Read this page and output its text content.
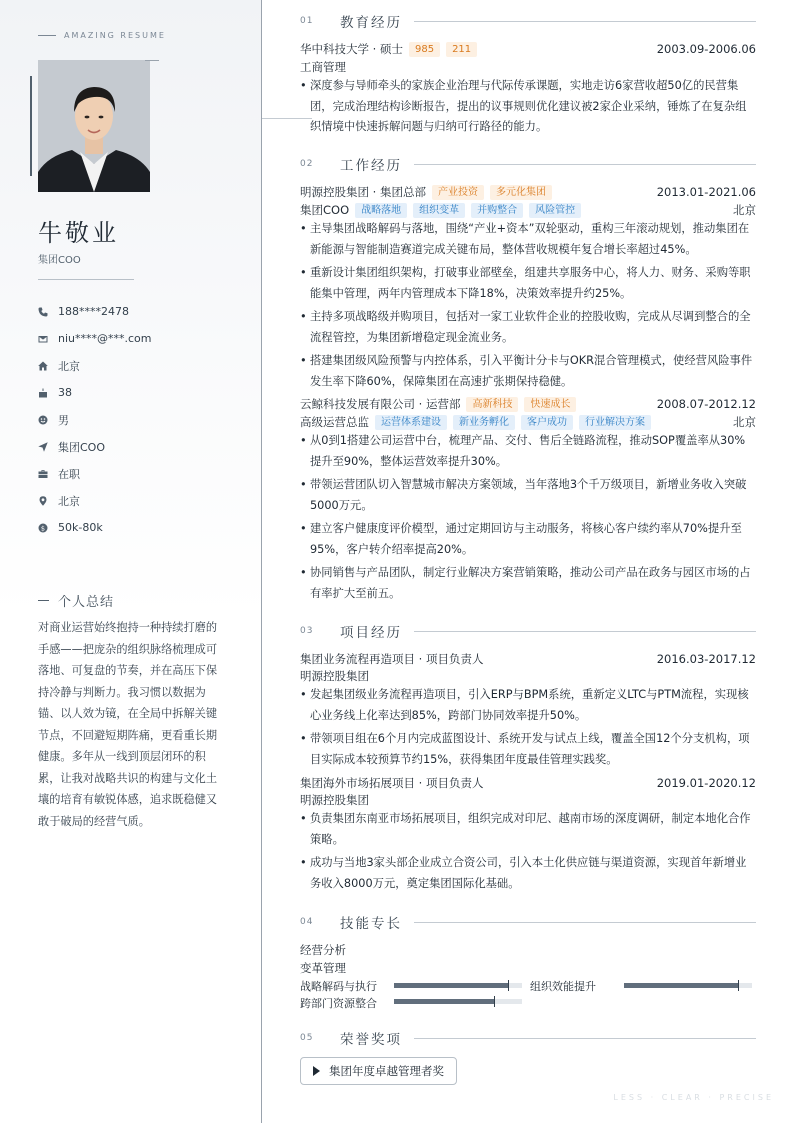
AMAZING RESUME
牛敬业
集团COO
188****2478
niu****@***.com
北京
38
男
集团COO
在职
北京
$ 50k-80k
个人总结

对商业运营始终抱持一种持续打磨的手感——把庞杂的组织脉络梳理成可落地、可复盘的节奏，并在高压下保持冷静与判断力。我习惯以数据为锚、以人效为镜，在全局中拆解关键节点，不回避短期阵痛，更看重长期健康。多年从一线到顶层闭环的积累，让我对战略共识的构建与文化土壤的培育有敏锐体感，追求既稳健又敢于破局的经营气质。

01	教育经历
华中科技大学 · 硕士	985	211	2003.09-2006.06
工商管理
• 深度参与导师牵头的家族企业治理与代际传承课题，实地走访6家营收超50亿的民营集团，完成治理结构诊断报告，提出的议事规则优化建议被2家企业采纳，锤炼了在复杂组织情境中快速拆解问题与归纳可行路径的能力。
02	工作经历
明源控股集团 · 集团总部	产业投资	多元化集团	2013.01-2021.06
集团COO	战略落地	组织变革	并购整合	风险管控	北京
• 主导集团战略解码与落地，围绕“产业+资本”双轮驱动，重构三年滚动规划，推动集团在新能源与智能制造赛道完成关键布局，整体营收规模年复合增长率超过45%。
• 重新设计集团组织架构，打破事业部壁垒，组建共享服务中心，将人力、财务、采购等职能集中管理，两年内管理成本下降18%，决策效率提升约25%。
• 主持多项战略级并购项目，包括对一家工业软件企业的控股收购，完成从尽调到整合的全流程管控，为集团新增稳定现金流业务。
• 搭建集团级风险预警与内控体系，引入平衡计分卡与OKR混合管理模式，使经营风险事件发生率下降60%，保障集团在高速扩张期保持稳健。
云鲸科技发展有限公司 · 运营部	高新科技	快速成长	2008.07-2012.12
高级运营总监	运营体系建设	新业务孵化	客户成功	行业解决方案	北京
• 从0到1搭建公司运营中台，梳理产品、交付、售后全链路流程，推动SOP覆盖率从30%提升至90%，整体运营效率提升30%。
• 带领运营团队切入智慧城市解决方案领域，当年落地3个千万级项目，新增业务收入突破5000万元。
• 建立客户健康度评价模型，通过定期回访与主动服务，将核心客户续约率从70%提升至95%，客户转介绍率提高20%。
• 协同销售与产品团队，制定行业解决方案营销策略，推动公司产品在政务与园区市场的占有率扩大至前五。
03	项目经历
集团业务流程再造项目 · 项目负责人	2016.03-2017.12
明源控股集团
• 发起集团级业务流程再造项目，引入ERP与BPM系统，重新定义LTC与PTM流程，实现核心业务线上化率达到85%，跨部门协同效率提升50%。
• 带领项目组在6个月内完成蓝图设计、系统开发与试点上线，覆盖全国12个分支机构，项目实际成本较预算节约15%，获得集团年度最佳管理实践奖。
集团海外市场拓展项目 · 项目负责人	2019.01-2020.12
明源控股集团
• 负责集团东南亚市场拓展项目，组织完成对印尼、越南市场的深度调研，制定本地化合作策略。
• 成功与当地3家头部企业成立合资公司，引入本土化供应链与渠道资源，实现首年新增业务收入8000万元，奠定集团国际化基础。
04	技能专长
经营分析
变革管理
战略解码与执行	组织效能提升
跨部门资源整合
05	荣誉奖项
集团年度卓越管理者奖
LESS · CLEAR · PRECISE
